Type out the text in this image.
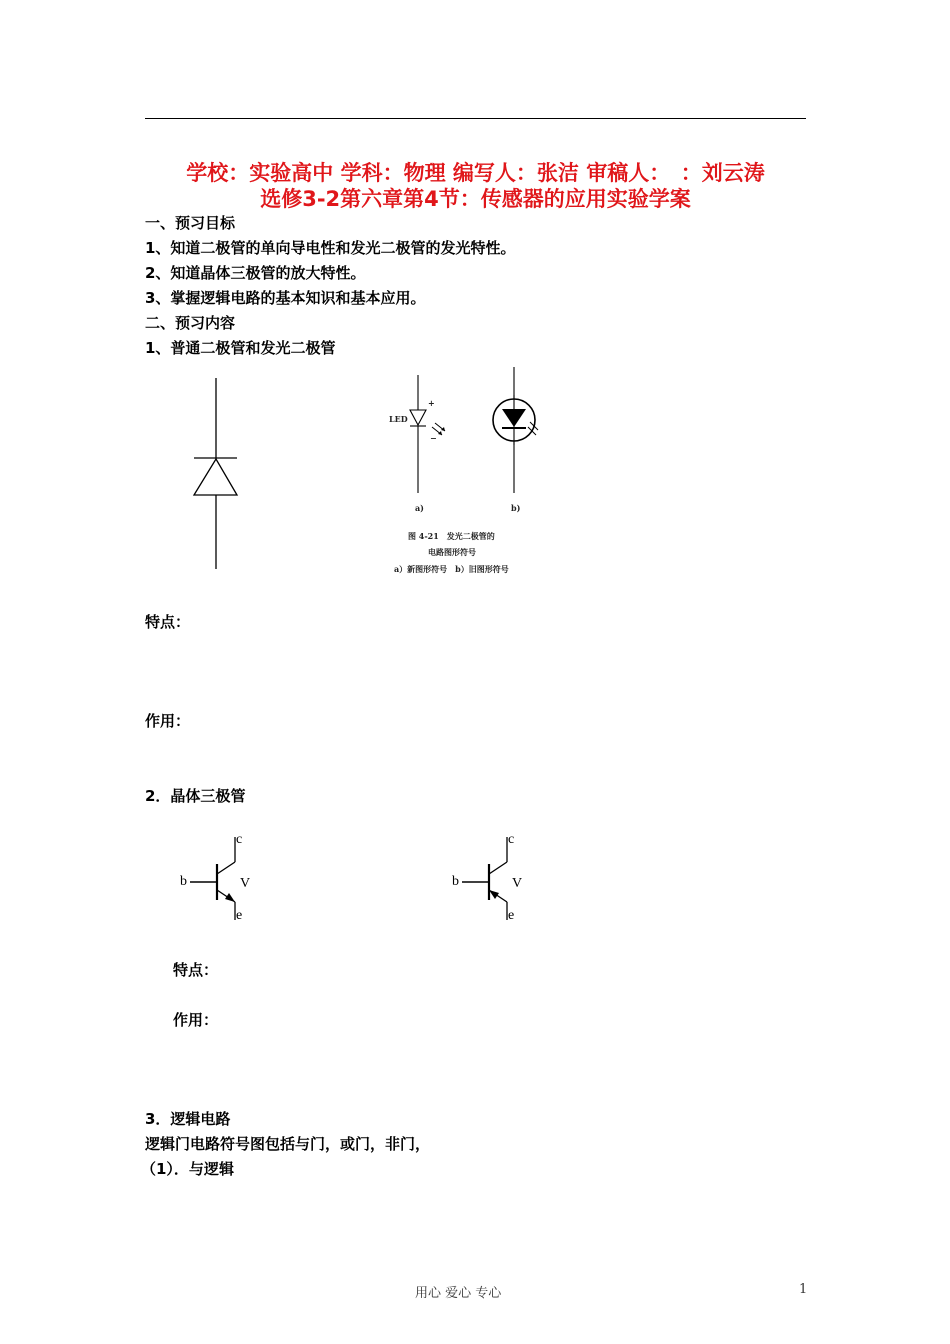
学校：实验高中 学科：物理 编写人：张洁 审稿人：　：刘云涛
选修3-2第六章第4节：传感器的应用实验学案
一、预习目标
1、知道二极管的单向导电性和发光二极管的发光特性。
2、知道晶体三极管的放大特性。
3、掌握逻辑电路的基本知识和基本应用。
二、预习内容
1、普通二极管和发光二极管
LED
+
−
a)	b)
图 4-21　发光二极管的
电路图形符号
a）新图形符号　b）旧图形符号
特点：
作用：
2．晶体三极管
c
b	V
e
c
b	V
e
特点：
作用：
3．逻辑电路
逻辑门电路符号图包括与门，或门，非门，
（1）．与逻辑
用心 爱心 专心	1
